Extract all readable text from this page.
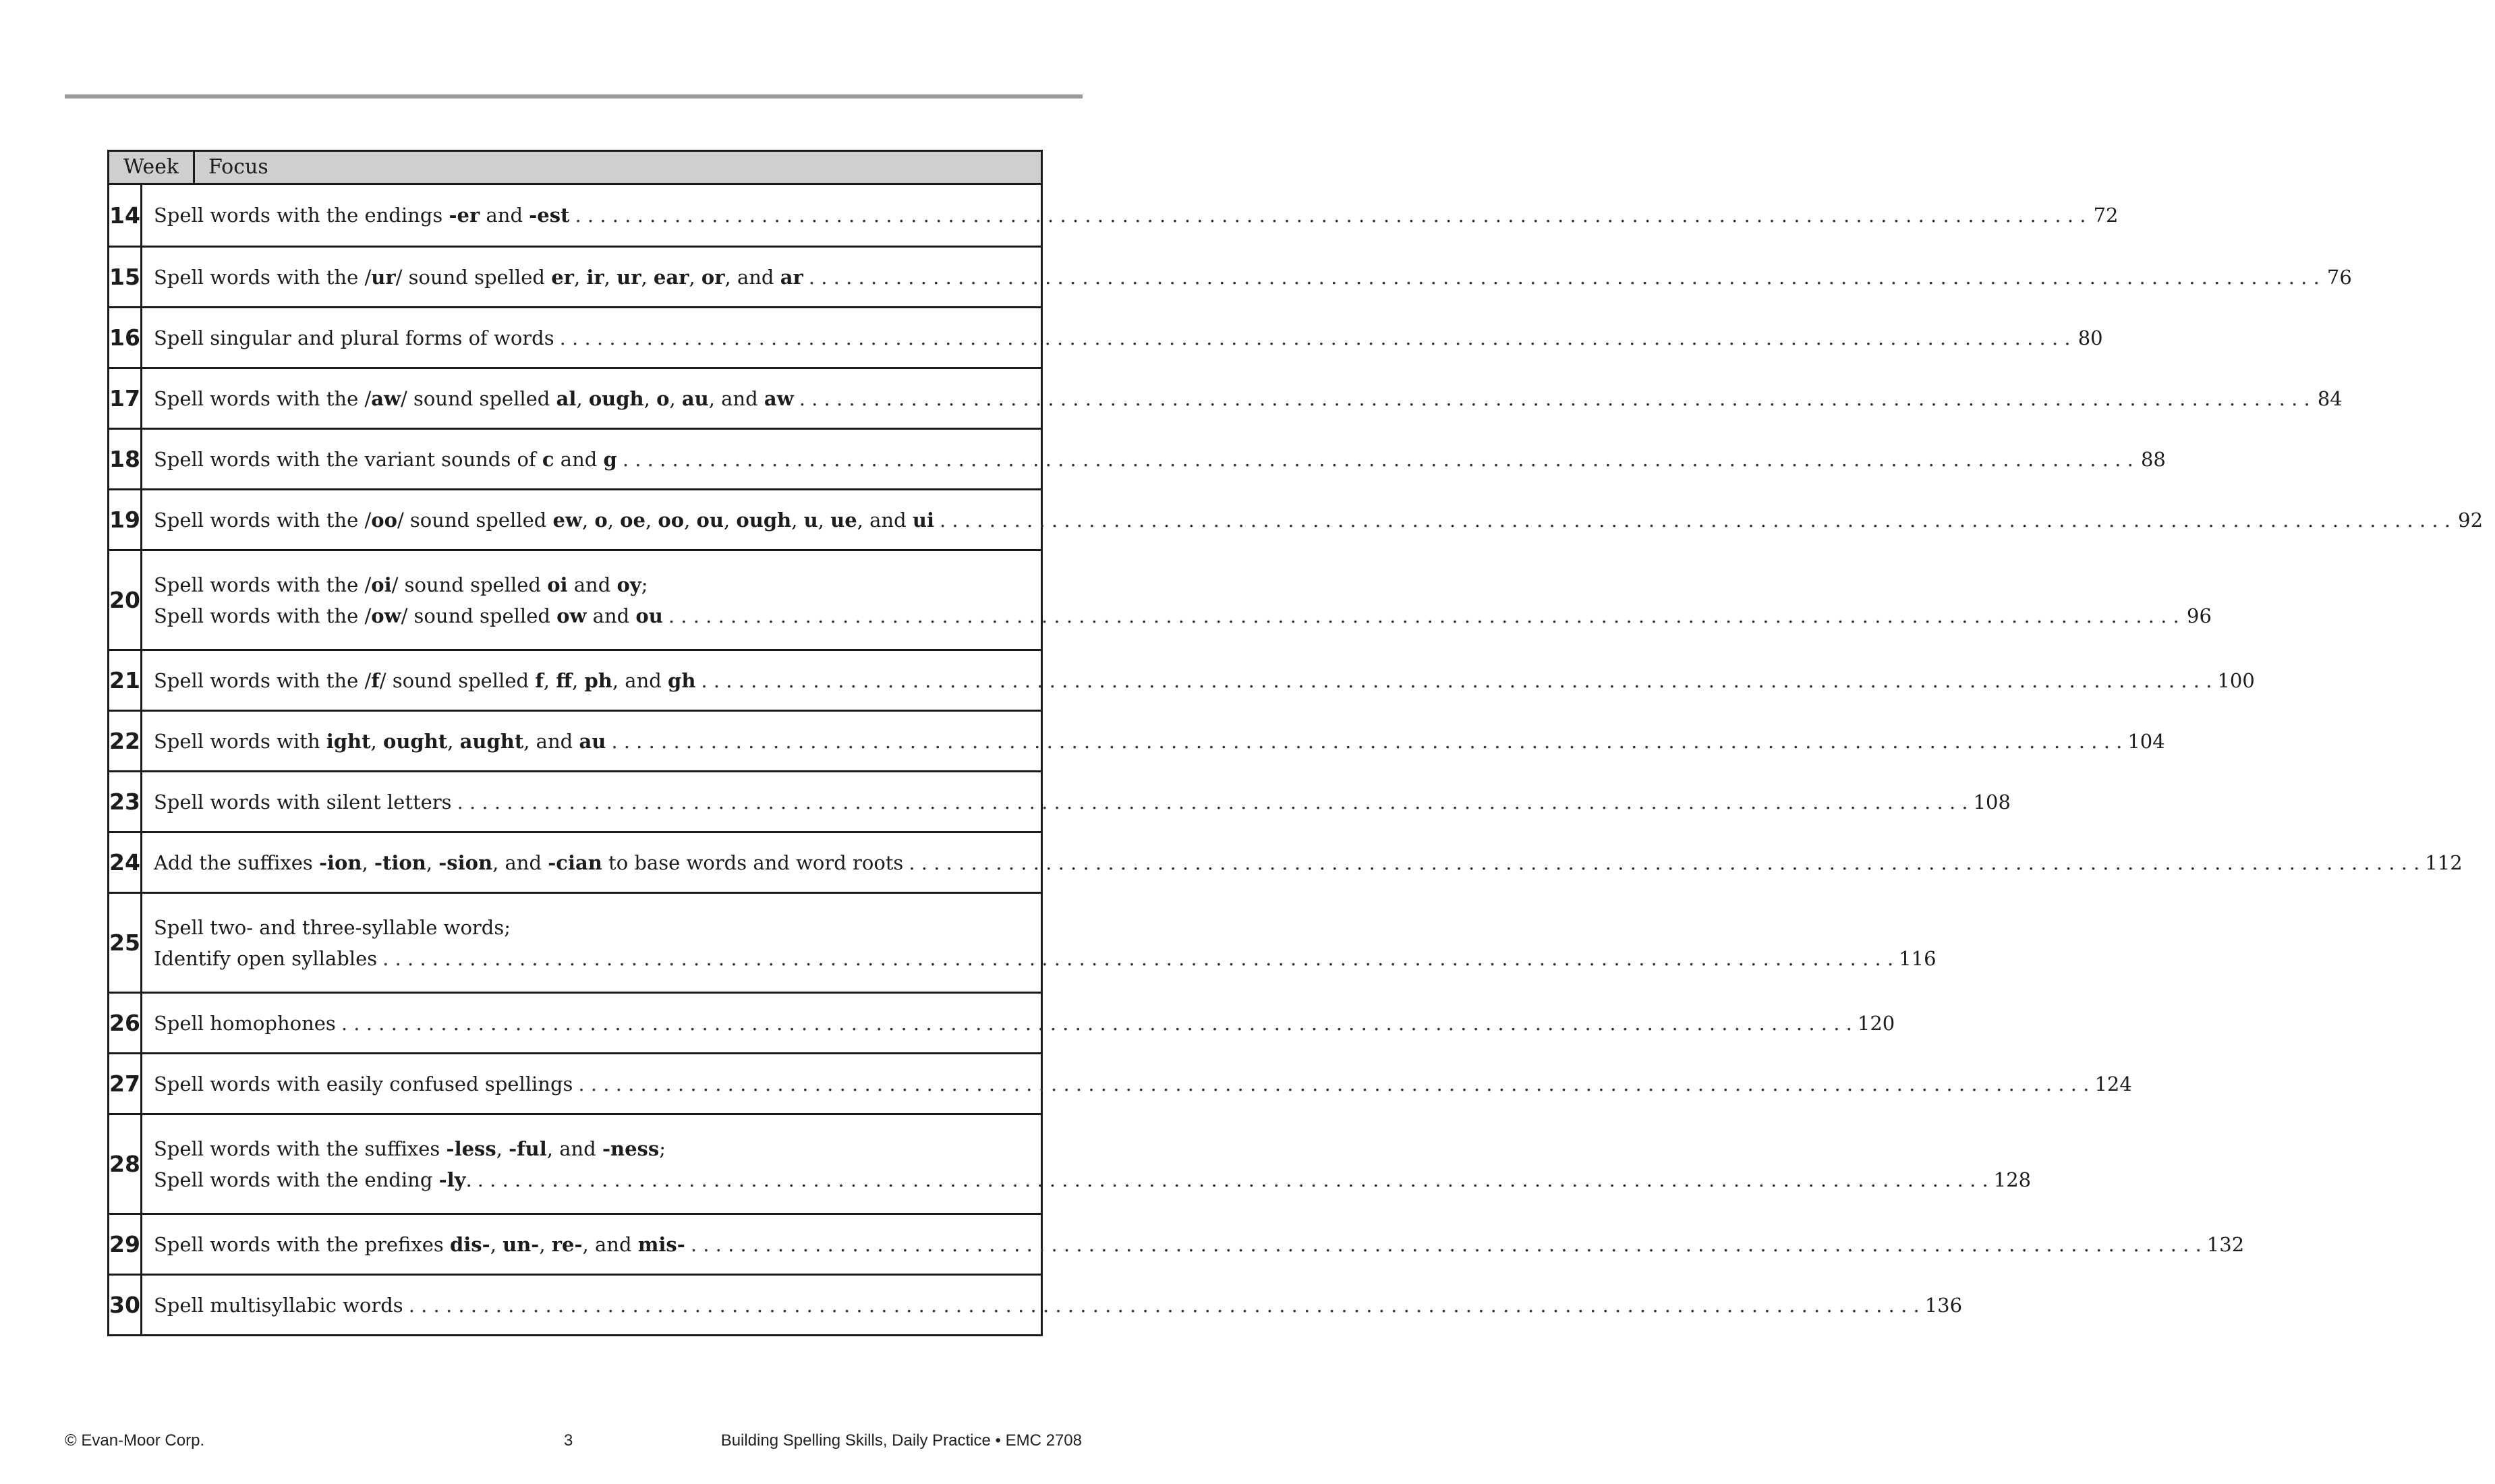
Week	Focus
14 Spell words with the endings -er and -est . . .	72
15 Spell words with the / ur / sound spelled er , ir , ur , ear , or , and ar . . .	76
16 Spell singular and plural forms of words . . .	80
17 Spell words with the / aw / sound spelled al , ough , o , au , and aw . . .	84
18 Spell words with the variant sounds of c and g . . .	88
19 Spell words with the / oo / sound spelled ew , o , oe , oo , ou , ough , u , ue , and ui . . .	92
20
Spell words with the / oi / sound spelled oi and oy ;
Spell words with the / ow / sound spelled ow and ou . . .	96
21 Spell words with the / f / sound spelled f , ff , ph , and gh . . .	100
22 Spell words with ight , ought , aught , and au . . .	104
23 Spell words with silent letters . . .	108
24 Add the suffixes -ion , -tion , -sion , and -cian to base words and word roots . . .	112
25
Spell two- and three-syllable words;
Identify open syllables . . .	116
26 Spell homophones . . .	120
27 Spell words with easily confused spellings . . .	124
28
Spell words with the suffixes -less , -ful , and -ness ;
Spell words with the ending -ly . . . .	128
29 Spell words with the prefixes dis- , un- , re- , and mis- . . .	132
30 Spell multisyllabic words . . .	136
© Evan-Moor Corp.	3	Building Spelling Skills, Daily Practice • EMC 2708
